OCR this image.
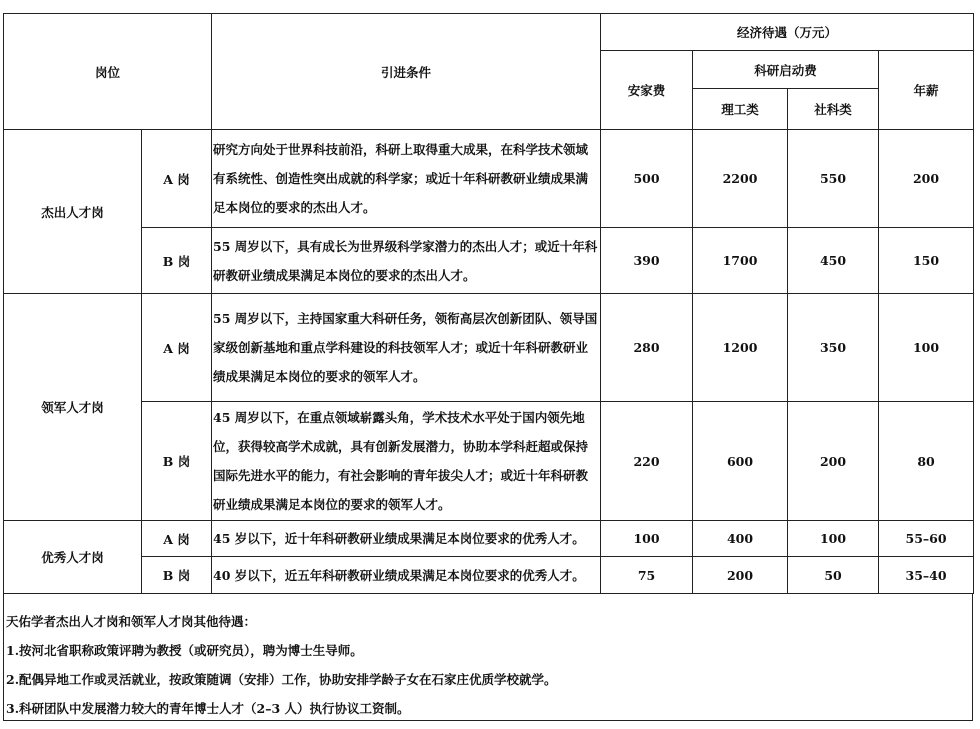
岗位		引进条件	经济待遇（万元）			
			安家费	科研启动费		年薪
				理工类	社科类	
杰出人才岗	A 岗	研究方向处于世界科技前沿，科研上取得重大成果，在科学技术领域有系统性、创造性突出成就的科学家；或近十年科研教研业绩成果满足本岗位的要求的杰出人才。	500	2200	550	200
	B 岗	55 周岁以下，具有成长为世界级科学家潜力的杰出人才；或近十年科研教研业绩成果满足本岗位的要求的杰出人才。	390	1700	450	150
领军人才岗	A 岗	55 周岁以下，主持国家重大科研任务，领衔高层次创新团队、领导国家级创新基地和重点学科建设的科技领军人才；或近十年科研教研业绩成果满足本岗位的要求的领军人才。	280	1200	350	100
	B 岗	45 周岁以下，在重点领域崭露头角，学术技术水平处于国内领先地位，获得较高学术成就，具有创新发展潜力，协助本学科赶超或保持国际先进水平的能力，有社会影响的青年拔尖人才；或近十年科研教研业绩成果满足本岗位的要求的领军人才。	220	600	200	80
优秀人才岗	A 岗	45 岁以下，近十年科研教研业绩成果满足本岗位要求的优秀人才。	100	400	100	55–60
	B 岗	40 岁以下，近五年科研教研业绩成果满足本岗位要求的优秀人才。	75	200	50	35–40
天佑学者杰出人才岗和领军人才岗其他待遇：
1.按河北省职称政策评聘为教授（或研究员），聘为博士生导师。
2.配偶异地工作或灵活就业，按政策随调（安排）工作，协助安排学龄子女在石家庄优质学校就学。
3.科研团队中发展潜力较大的青年博士人才（2–3 人）执行协议工资制。
